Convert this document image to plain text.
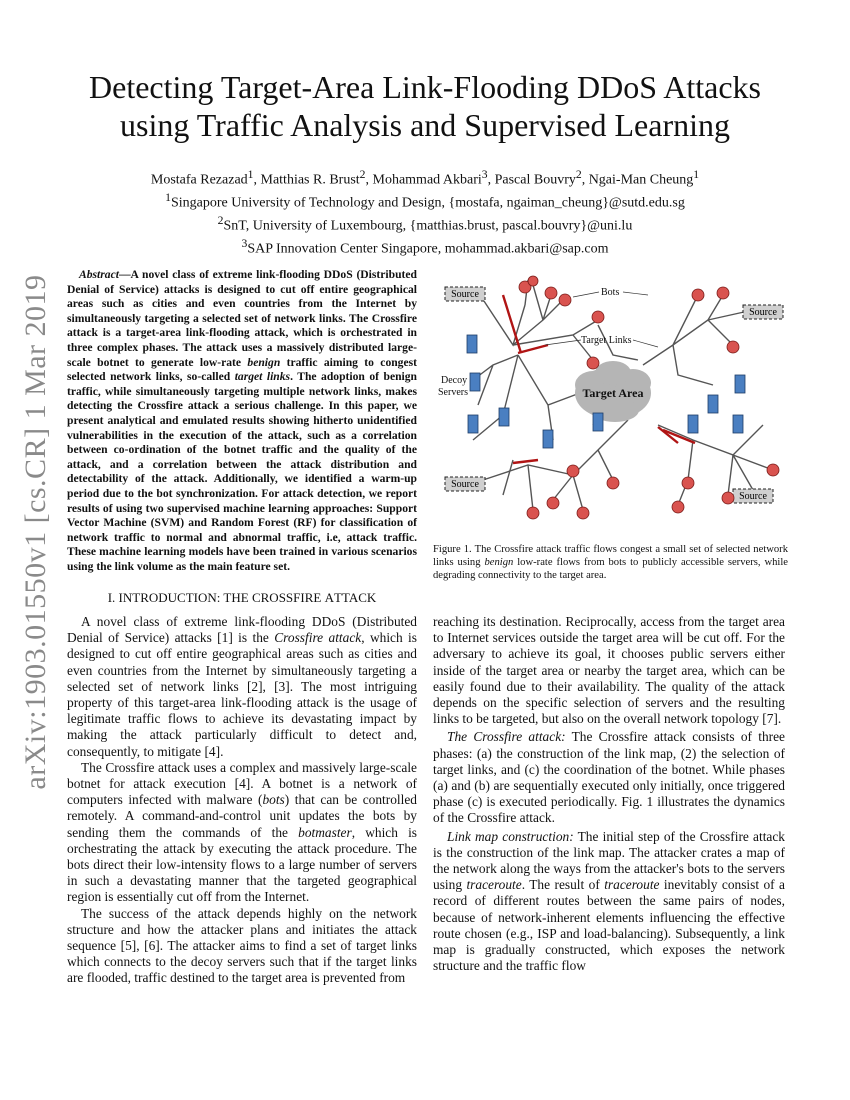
arXiv:1903.01550v1 [cs.CR] 1 Mar 2019
Detecting Target-Area Link-Flooding DDoS Attacks
using Traffic Analysis and Supervised Learning
Mostafa Rezazad$^1$, Matthias R. Brust$^2$, Mohammad Akbari$^3$, Pascal Bouvry$^2$, Ngai-Man Cheung$^1$
$^1$Singapore University of Technology and Design, {mostafa, ngaiman_cheung}@sutd.edu.sg
$^2$SnT, University of Luxembourg, {matthias.brust, pascal.bouvry}@uni.lu
$^3$SAP Innovation Center Singapore, mohammad.akbari@sap.com
Abstract—A novel class of extreme link-flooding DDoS (Distributed Denial of Service) attacks is designed to cut off entire geographical areas such as cities and even countries from the Internet by simultaneously targeting a selected set of network links. The Crossfire attack is a target-area link-flooding attack, which is orchestrated in three complex phases. The attack uses a massively distributed large-scale botnet to generate low-rate benign traffic aiming to congest selected network links, so-called target links. The adoption of benign traffic, while simultaneously targeting multiple network links, makes detecting the Crossfire attack a serious challenge. In this paper, we present analytical and emulated results showing hitherto unidentified vulnerabilities in the execution of the attack, such as a correlation between co-ordination of the botnet traffic and the quality of the attack, and a correlation between the attack distribution and detectability of the attack. Additionally, we identified a warm-up period due to the bot synchronization. For attack detection, we report results of using two supervised machine learning approaches: Support Vector Machine (SVM) and Random Forest (RF) for classification of network traffic to normal and abnormal traffic, i.e, attack traffic. These machine learning models have been trained in various scenarios using the link volume as the main feature set.
Target Area
Source
Source
Source
Source
Bots
Target Links
Decoy
Servers
Figure 1. The Crossfire attack traffic flows congest a small set of selected network links using benign low-rate flows from bots to publicly accessible servers, while degrading connectivity to the target area.
I. INTRODUCTION: THE CROSSFIRE ATTACK

A novel class of extreme link-flooding DDoS (Distributed Denial of Service) attacks [1] is the Crossfire attack, which is designed to cut off entire geographical areas such as cities and even countries from the Internet by simultaneously targeting a selected set of network links [2], [3]. The most intriguing property of this target-area link-flooding attack is the usage of legitimate traffic flows to achieve its devastating impact by making the attack particularly difficult to detect and, consequently, to mitigate [4].

The Crossfire attack uses a complex and massively large-scale botnet for attack execution [4]. A botnet is a network of computers infected with malware (bots) that can be controlled remotely. A command-and-control unit updates the bots by sending them the commands of the botmaster, which is orchestrating the attack by executing the attack procedure. The bots direct their low-intensity flows to a large number of servers in such a devastating manner that the targeted geographical region is essentially cut off from the Internet.

The success of the attack depends highly on the network structure and how the attacker plans and initiates the attack sequence [5], [6]. The attacker aims to find a set of target links which connects to the decoy servers such that if the target links are flooded, traffic destined to the target area is prevented from

reaching its destination. Reciprocally, access from the target area to Internet services outside the target area will be cut off. For the adversary to achieve its goal, it chooses public servers either inside of the target area or nearby the target area, which can be easily found due to their availability. The quality of the attack depends on the specific selection of servers and the resulting links to be targeted, but also on the overall network topology [7].

The Crossfire attack: The Crossfire attack consists of three phases: (a) the construction of the link map, (2) the selection of target links, and (c) the coordination of the botnet. While phases (a) and (b) are sequentially executed only initially, once triggered phase (c) is executed periodically. Fig. 1 illustrates the dynamics of the Crossfire attack.

Link map construction: The initial step of the Crossfire attack is the construction of the link map. The attacker crates a map of the network along the ways from the attacker's bots to the servers using traceroute. The result of traceroute inevitably consist of a record of different routes between the same pairs of nodes, because of network-inherent elements influencing the effective route chosen (e.g., ISP and load-balancing). Subsequently, a link map is gradually constructed, which exposes the network structure and the traffic flow
